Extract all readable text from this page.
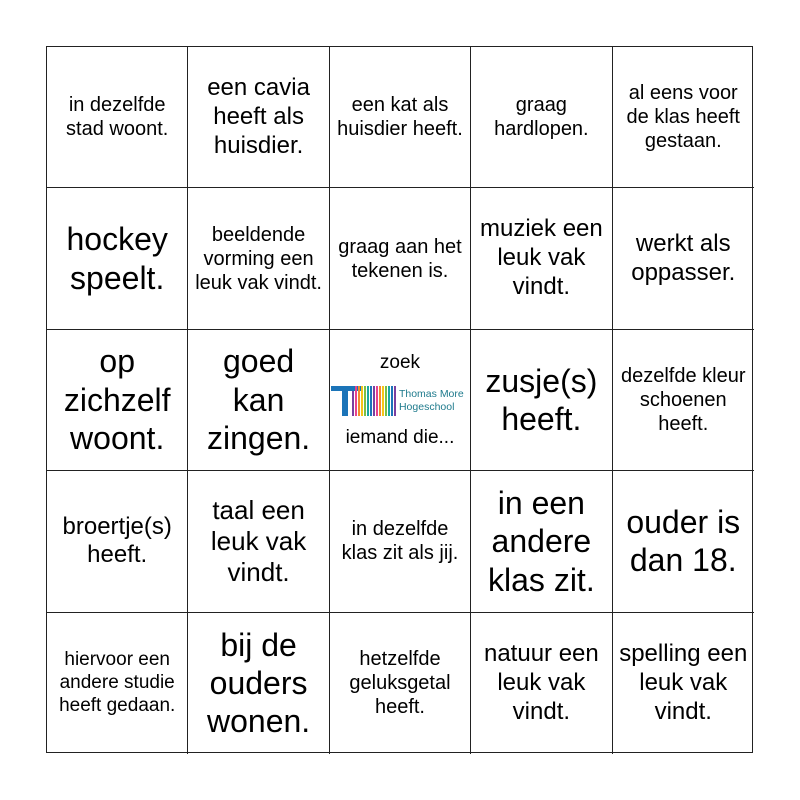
in dezelfde stad woont.
een cavia heeft als huisdier.
een kat als huisdier heeft.
graag hardlopen.
al eens voor de klas heeft gestaan.
hockey speelt.
beeldende vorming een leuk vak vindt.
graag aan het tekenen is.
muziek een leuk vak vindt.
werkt als oppasser.
op zichzelf woont.
goed kan zingen.
zoek
Thomas More
Hogeschool
iemand die...
zusje(s) heeft.
dezelfde kleur schoenen heeft.
broertje(s) heeft.
taal een leuk vak vindt.
in dezelfde klas zit als jij.
in een andere klas zit.
ouder is dan 18.
hiervoor een andere studie heeft gedaan.
bij de ouders wonen.
hetzelfde geluksgetal heeft.
natuur een leuk vak vindt.
spelling een leuk vak vindt.
